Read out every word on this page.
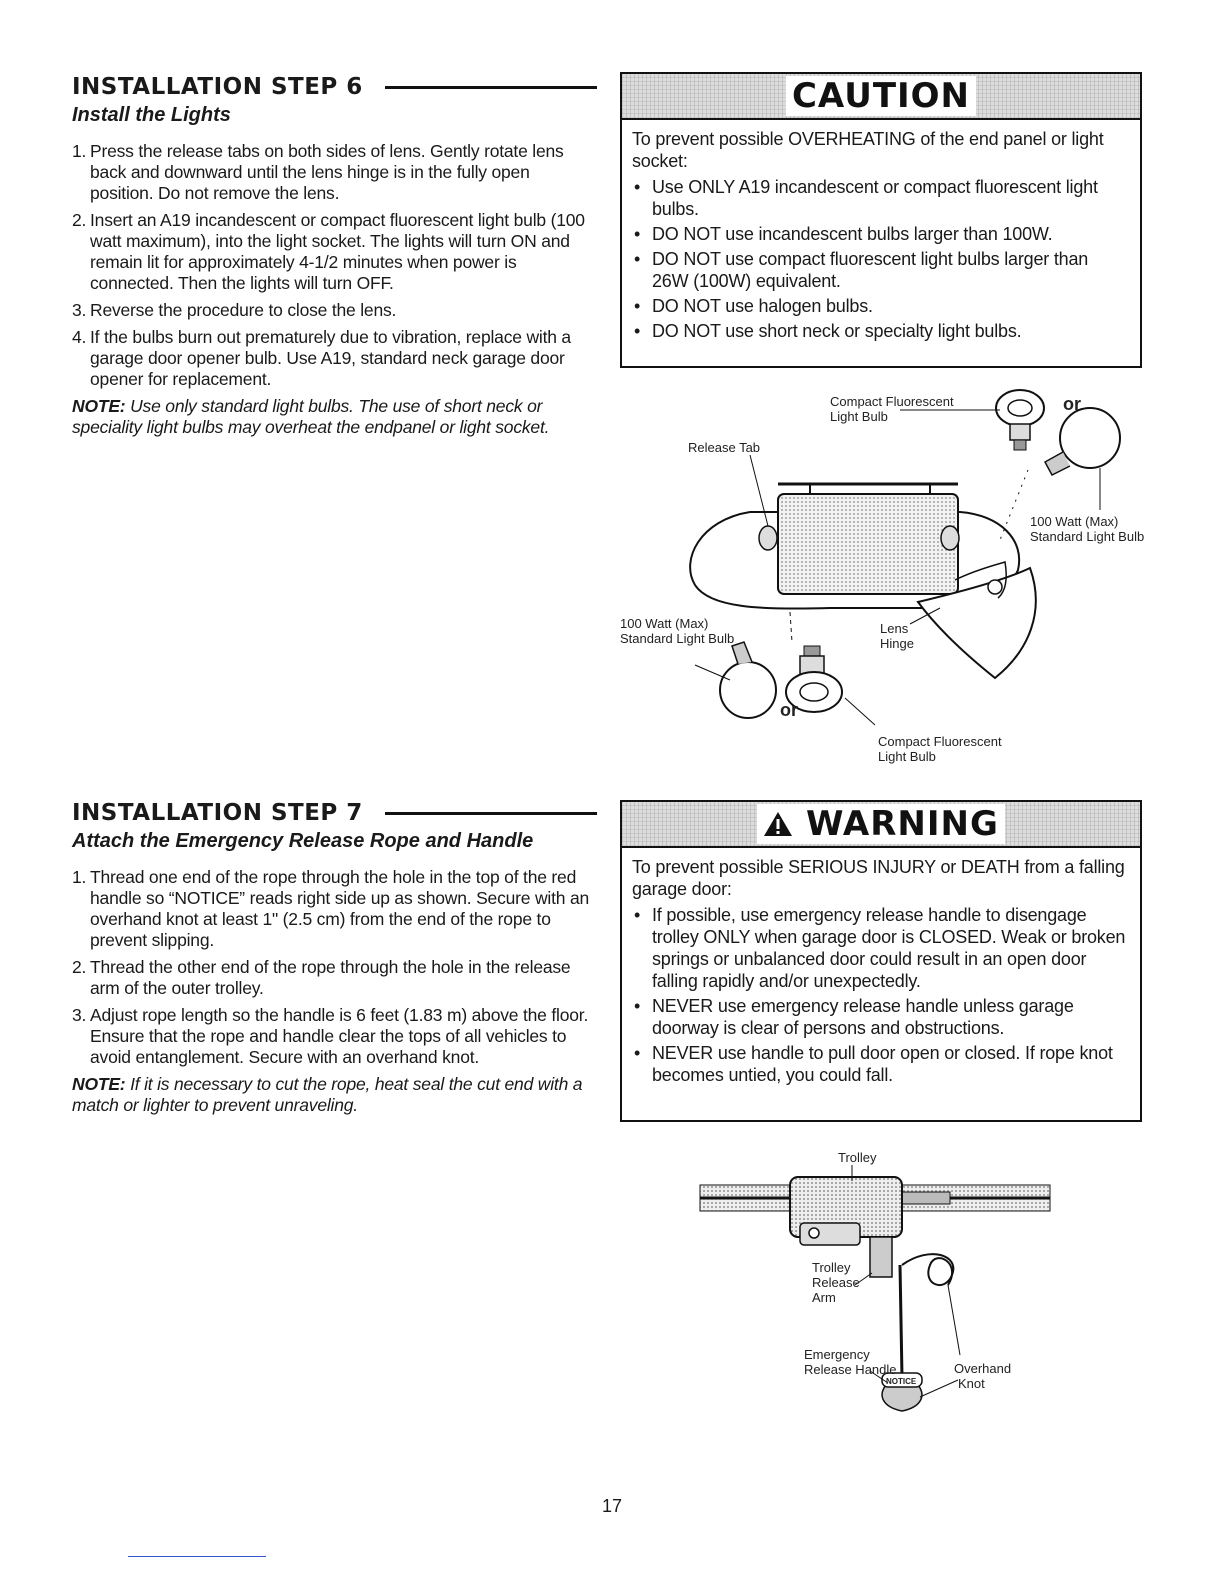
INSTALLATION STEP 6
Install the Lights
1. Press the release tabs on both sides of lens. Gently rotate lens back and downward until the lens hinge is in the fully open position. Do not remove the lens.
2. Insert an A19 incandescent or compact fluorescent light bulb (100 watt maximum), into the light socket. The lights will turn ON and remain lit for approximately 4-1/2 minutes when power is connected. Then the lights will turn OFF.
3. Reverse the procedure to close the lens.
4. If the bulbs burn out prematurely due to vibration, replace with a garage door opener bulb. Use A19, standard neck garage door opener for replacement.

NOTE: Use only standard light bulbs. The use of short neck or speciality light bulbs may overheat the endpanel or light socket.

CAUTION

To prevent possible OVERHEATING of the end panel or light socket:

• Use ONLY A19 incandescent or compact fluorescent light bulbs.
• DO NOT use incandescent bulbs larger than 100W.
• DO NOT use compact fluorescent light bulbs larger than 26W (100W) equivalent.
• DO NOT use halogen bulbs.
• DO NOT use short neck or specialty light bulbs.
Compact Fluorescent
Light Bulb
or
Release Tab
100 Watt (Max)
Standard Light Bulb
100 Watt (Max)
Standard Light Bulb
Lens
Hinge
or
Compact Fluorescent
Light Bulb
INSTALLATION STEP 7
Attach the Emergency Release Rope and Handle
1. Thread one end of the rope through the hole in the top of the red handle so “NOTICE” reads right side up as shown. Secure with an overhand knot at least 1" (2.5 cm) from the end of the rope to prevent slipping.
2. Thread the other end of the rope through the hole in the release arm of the outer trolley.
3. Adjust rope length so the handle is 6 feet (1.83 m) above the floor. Ensure that the rope and handle clear the tops of all vehicles to avoid entanglement. Secure with an overhand knot.

NOTE: If it is necessary to cut the rope, heat seal the cut end with a match or lighter to prevent unraveling.

WARNING

To prevent possible SERIOUS INJURY or DEATH from a falling garage door:

• If possible, use emergency release handle to disengage trolley ONLY when garage door is CLOSED. Weak or broken springs or unbalanced door could result in an open door falling rapidly and/or unexpectedly.
• NEVER use emergency release handle unless garage doorway is clear of persons and obstructions.
• NEVER use handle to pull door open or closed. If rope knot becomes untied, you could fall.
NOTICE
Trolley
Trolley
Release
Arm
Emergency
Release Handle	Overhand
Knot
17
